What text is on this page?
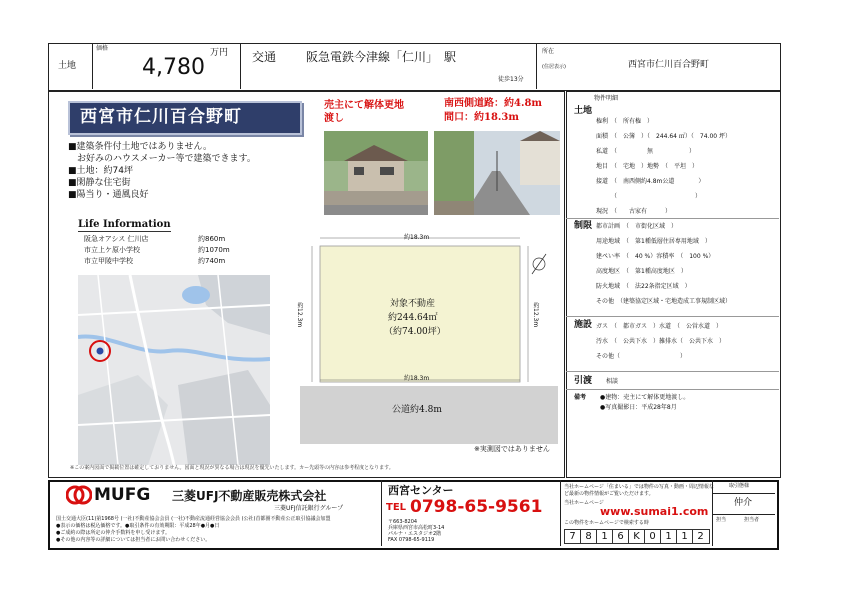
土地
価格
4,780
万円 交通 阪急電鉄今津線「仁川」　駅
徒歩13分
所在
(住居表示)	西宮市仁川百合野町
西宮市仁川百合野町
■建築条件付土地ではありません。
　お好みのハウスメーカー等で建築できます。
■土地：約74坪
■閑静な住宅街
■陽当り・通風良好
Life Information
阪急オアシス 仁川店	約860m
市立上ケ原小学校	約1070m
市立甲陵中学校	約740m
※この案内図面で掲載位置は確定しておりません。図面と現況が異なる場合は現況を優先いたします。カー先頭等の内容は参考程度となります。
売主にて解体更地渡し
南西側道路：約4.8m
間口：約18.3m
約18.3m
約12.3m	約12.3m
約18.3m
対象不動産
約244.64㎡
（約74.00坪）
公道約4.8m
※実測図ではありません
物件明細
土地
権利　（　所有権　）
面積　（　公簿　）（　244.64 ㎡）（　74.00 坪）
私道　（　　　　　無　　　　　　）
地目　（　宅地　）地勢　（　平坦　）
接道　（　南西側約4.8m公道　　　　）
　　　（　　　　　　　　　　　　　）
現況　（　　古家有　　　）
制限 都市計画　（　市街化区域　）
用途地域　（　第1種低層住居専用地域　）
建ぺい率　（　40 %）容積率　（　100 %）
高度地区　（　第1種高度地区　）
防火地域　（　法22条指定区域　）
その他　（建築協定区域・宅地造成工事規制区域）
施設 ガス　（　都市ガス　）水道　（　公営水道　）
汚水　（　公共下水　）雑排水（　公共下水　）
その他（　　　　　　　　　　）
引渡 相談
備考 ●建物：売主にて解体更地渡し。
●写真撮影日：平成28年8月
MUFG 三菱UFJ不動産販売株式会社
三菱UFJ信託銀行グループ
国土交通大臣(11)第1968号 (一社)不動産協会会員 (一社)不動産流通経営協会会員 (公社)首都圏不動産公正取引協議会加盟
●表示の価格は税込価格です。●取引条件の有効期限：平成28年●月●日
●ご成約の際は所定の仲介手数料を申し受けます。
●その他の内容等の詳細については担当者にお問い合わせください。
西宮センター
TEL 0798-65-9561
〒663-8204
兵庫県西宮市高松町3-14
パルナ・エスタジオ2階
FAX 0798-65-9119
当社ホームページ「住まいる」では物件の写真・動画・周辺情報など最新の物件情報がご覧いただけます。
当社ホームページ
www.sumai1.com
この物件をホームページで検索する時
7 8 1 6 K 0 1 1 2
取引態様
仲介
担当	担当者
